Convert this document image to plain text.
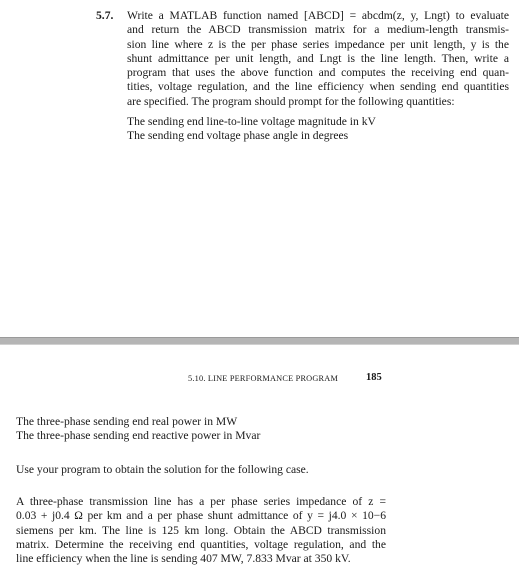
5.7. Write a MATLAB function named [ABCD] = abcdm(z, y, Lngt) to evaluate
and return the ABCD transmission matrix for a medium-length transmis-
sion line where z is the per phase series impedance per unit length, y is the
shunt admittance per unit length, and Lngt is the line length. Then, write a
program that uses the above function and computes the receiving end quan-
tities, voltage regulation, and the line efficiency when sending end quantities
are specified. The program should prompt for the following quantities:
The sending end line-to-line voltage magnitude in kV
The sending end voltage phase angle in degrees
5.10. LINE PERFORMANCE PROGRAM	185
The three-phase sending end real power in MW
The three-phase sending end reactive power in Mvar
Use your program to obtain the solution for the following case.
A three-phase transmission line has a per phase series impedance of z =
0.03 + j0.4 Ω per km and a per phase shunt admittance of y = j4.0 × 10−6
siemens per km. The line is 125 km long. Obtain the ABCD transmission
matrix. Determine the receiving end quantities, voltage regulation, and the
line efficiency when the line is sending 407 MW, 7.833 Mvar at 350 kV.
